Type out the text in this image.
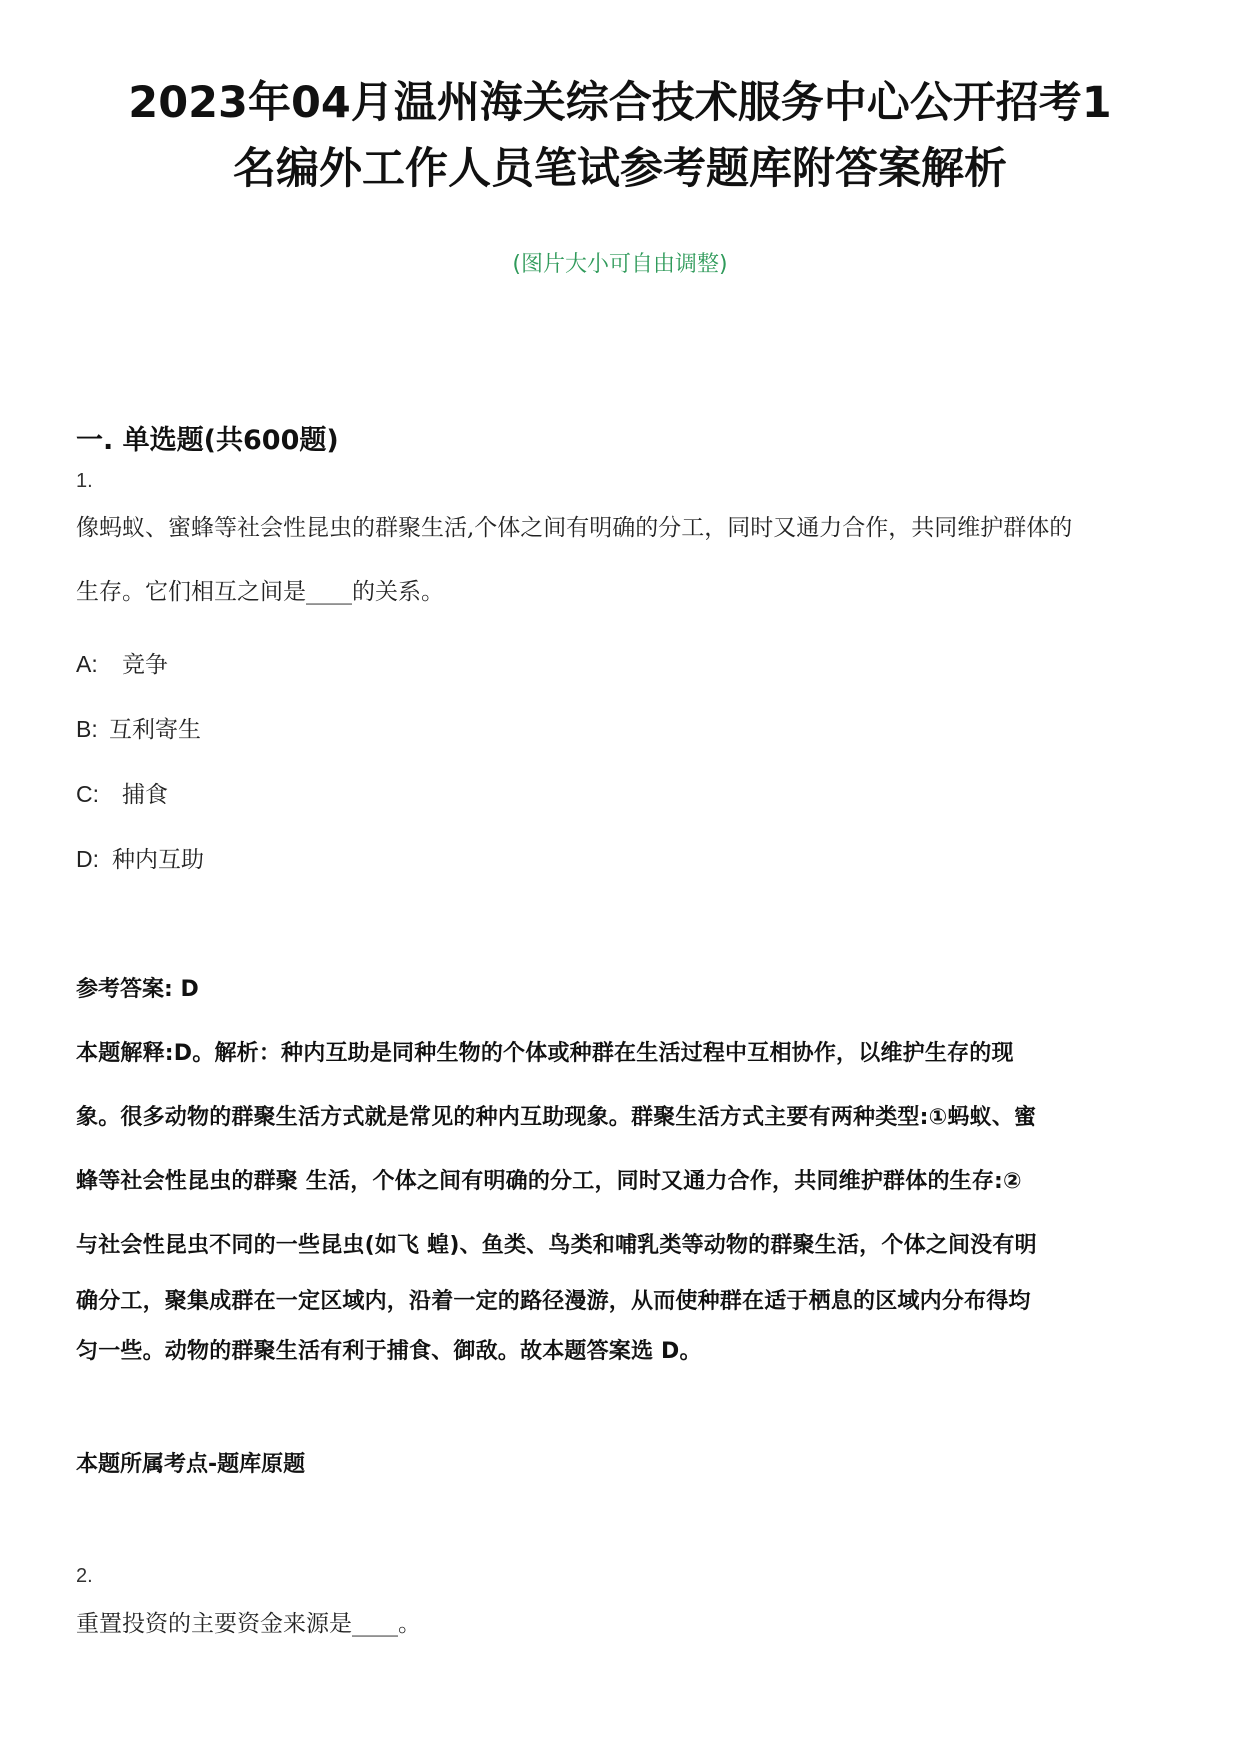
2023年04月温州海关综合技术服务中心公开招考1
名编外工作人员笔试参考题库附答案解析
(图片大小可自由调整)
一. 单选题(共600题)
1.
像蚂蚁、蜜蜂等社会性昆虫的群聚生活,个体之间有明确的分工，同时又通力合作，共同维护群体的
生存。它们相互之间是____的关系。
A: 竞争
B: 互利寄生
C: 捕食
D: 种内互助
参考答案: D
本题解释:D。解析：种内互助是同种生物的个体或种群在生活过程中互相协作，以维护生存的现
象。很多动物的群聚生活方式就是常见的种内互助现象。群聚生活方式主要有两种类型:①蚂蚁、蜜
蜂等社会性昆虫的群聚 生活，个体之间有明确的分工，同时又通力合作，共同维护群体的生存:②
与社会性昆虫不同的一些昆虫(如飞 蝗)、鱼类、鸟类和哺乳类等动物的群聚生活，个体之间没有明
确分工，聚集成群在一定区域内，沿着一定的路径漫游，从而使种群在适于栖息的区域内分布得均
匀一些。动物的群聚生活有利于捕食、御敌。故本题答案选 D。
本题所属考点-题库原题
2.
重置投资的主要资金来源是____。
